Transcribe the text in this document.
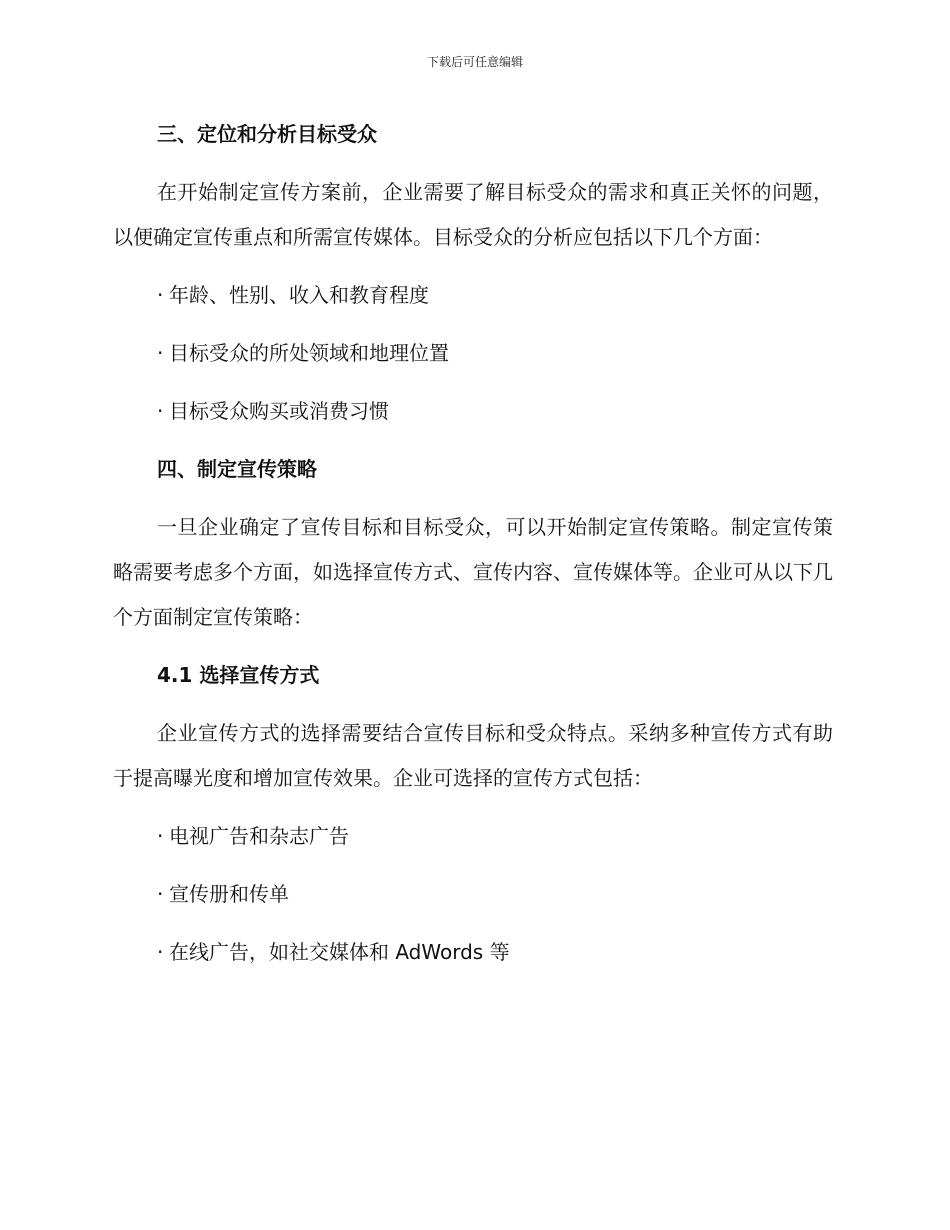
下载后可任意编辑
三、定位和分析目标受众
在开始制定宣传方案前，企业需要了解目标受众的需求和真正关怀的问题，以便确定宣传重点和所需宣传媒体。目标受众的分析应包括以下几个方面：
· 年龄、性别、收入和教育程度
· 目标受众的所处领域和地理位置
· 目标受众购买或消费习惯
四、制定宣传策略
一旦企业确定了宣传目标和目标受众，可以开始制定宣传策略。制定宣传策略需要考虑多个方面，如选择宣传方式、宣传内容、宣传媒体等。企业可从以下几个方面制定宣传策略：
4.1 选择宣传方式
企业宣传方式的选择需要结合宣传目标和受众特点。采纳多种宣传方式有助于提高曝光度和增加宣传效果。企业可选择的宣传方式包括：
· 电视广告和杂志广告
· 宣传册和传单
· 在线广告，如社交媒体和 AdWords 等
